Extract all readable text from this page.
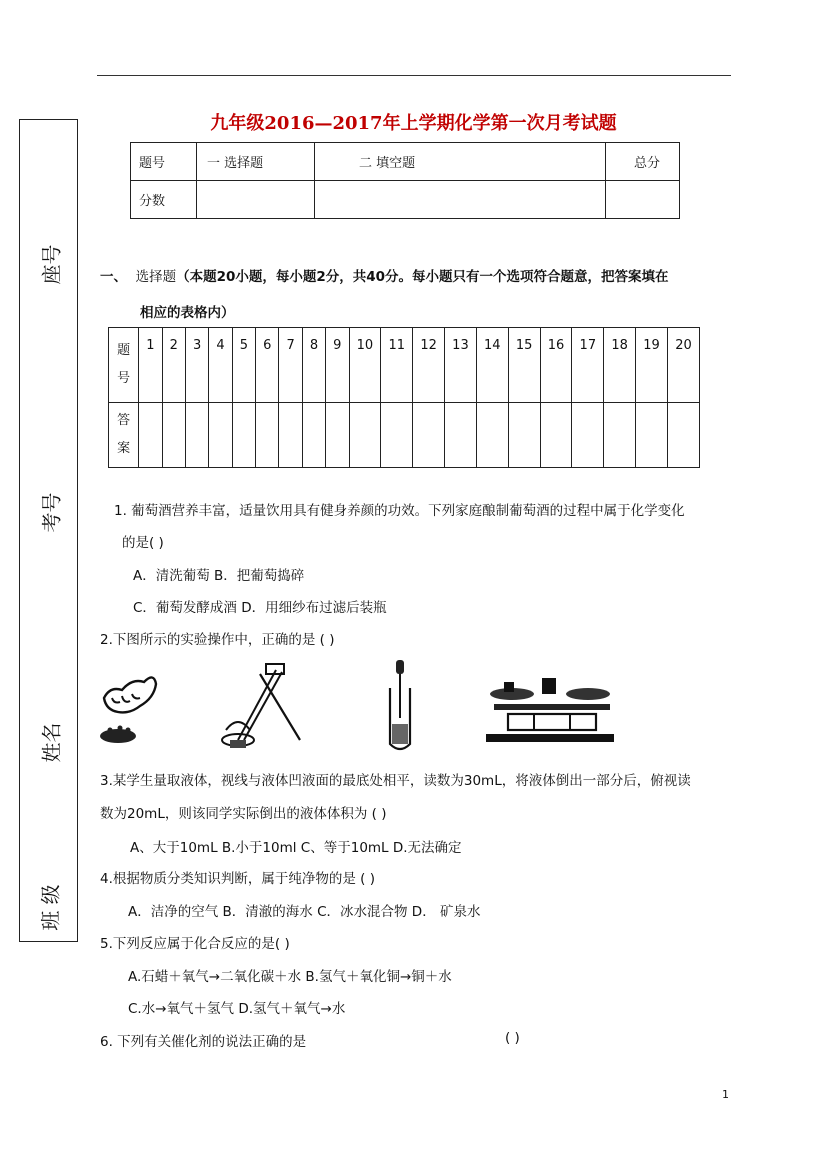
座号
考号
姓名
班 级
九年级2016—2017年上学期化学第一次月考试题
题号	一 选择题	二 填空题	总分
分数			
一、 选择题（本题20小题，每小题2分，共40分。每小题只有一个选项符合题意，把答案填在
相应的表格内）
题
号	1	2	3	4	5	6	7	8	9	10	11	12	13	14	15	16	17	18	19	20
答
案																				
1. 葡萄酒营养丰富，适量饮用具有健身养颜的功效。下列家庭酿制葡萄酒的过程中属于化学变化
的是( )
A．清洗葡萄 B．把葡萄捣碎
C．葡萄发酵成酒 D．用细纱布过滤后装瓶
2.下图所示的实验操作中，正确的是 ( )
3.某学生量取液体，视线与液体凹液面的最底处相平，读数为30mL，将液体倒出一部分后，俯视读
数为20mL，则该同学实际倒出的液体体积为 ( )
A、大于10mL B.小于10ml C、等于10mL D.无法确定
4.根据物质分类知识判断，属于纯净物的是 ( )
A．洁净的空气 B．清澈的海水 C．冰水混合物 D． 矿泉水
5.下列反应属于化合反应的是( )
A.石蜡＋氧气→二氧化碳＋水 B.氢气＋氧化铜→铜＋水
C.水→氧气＋氢气 D.氢气＋氧气→水
6. 下列有关催化剂的说法正确的是	( )
1
